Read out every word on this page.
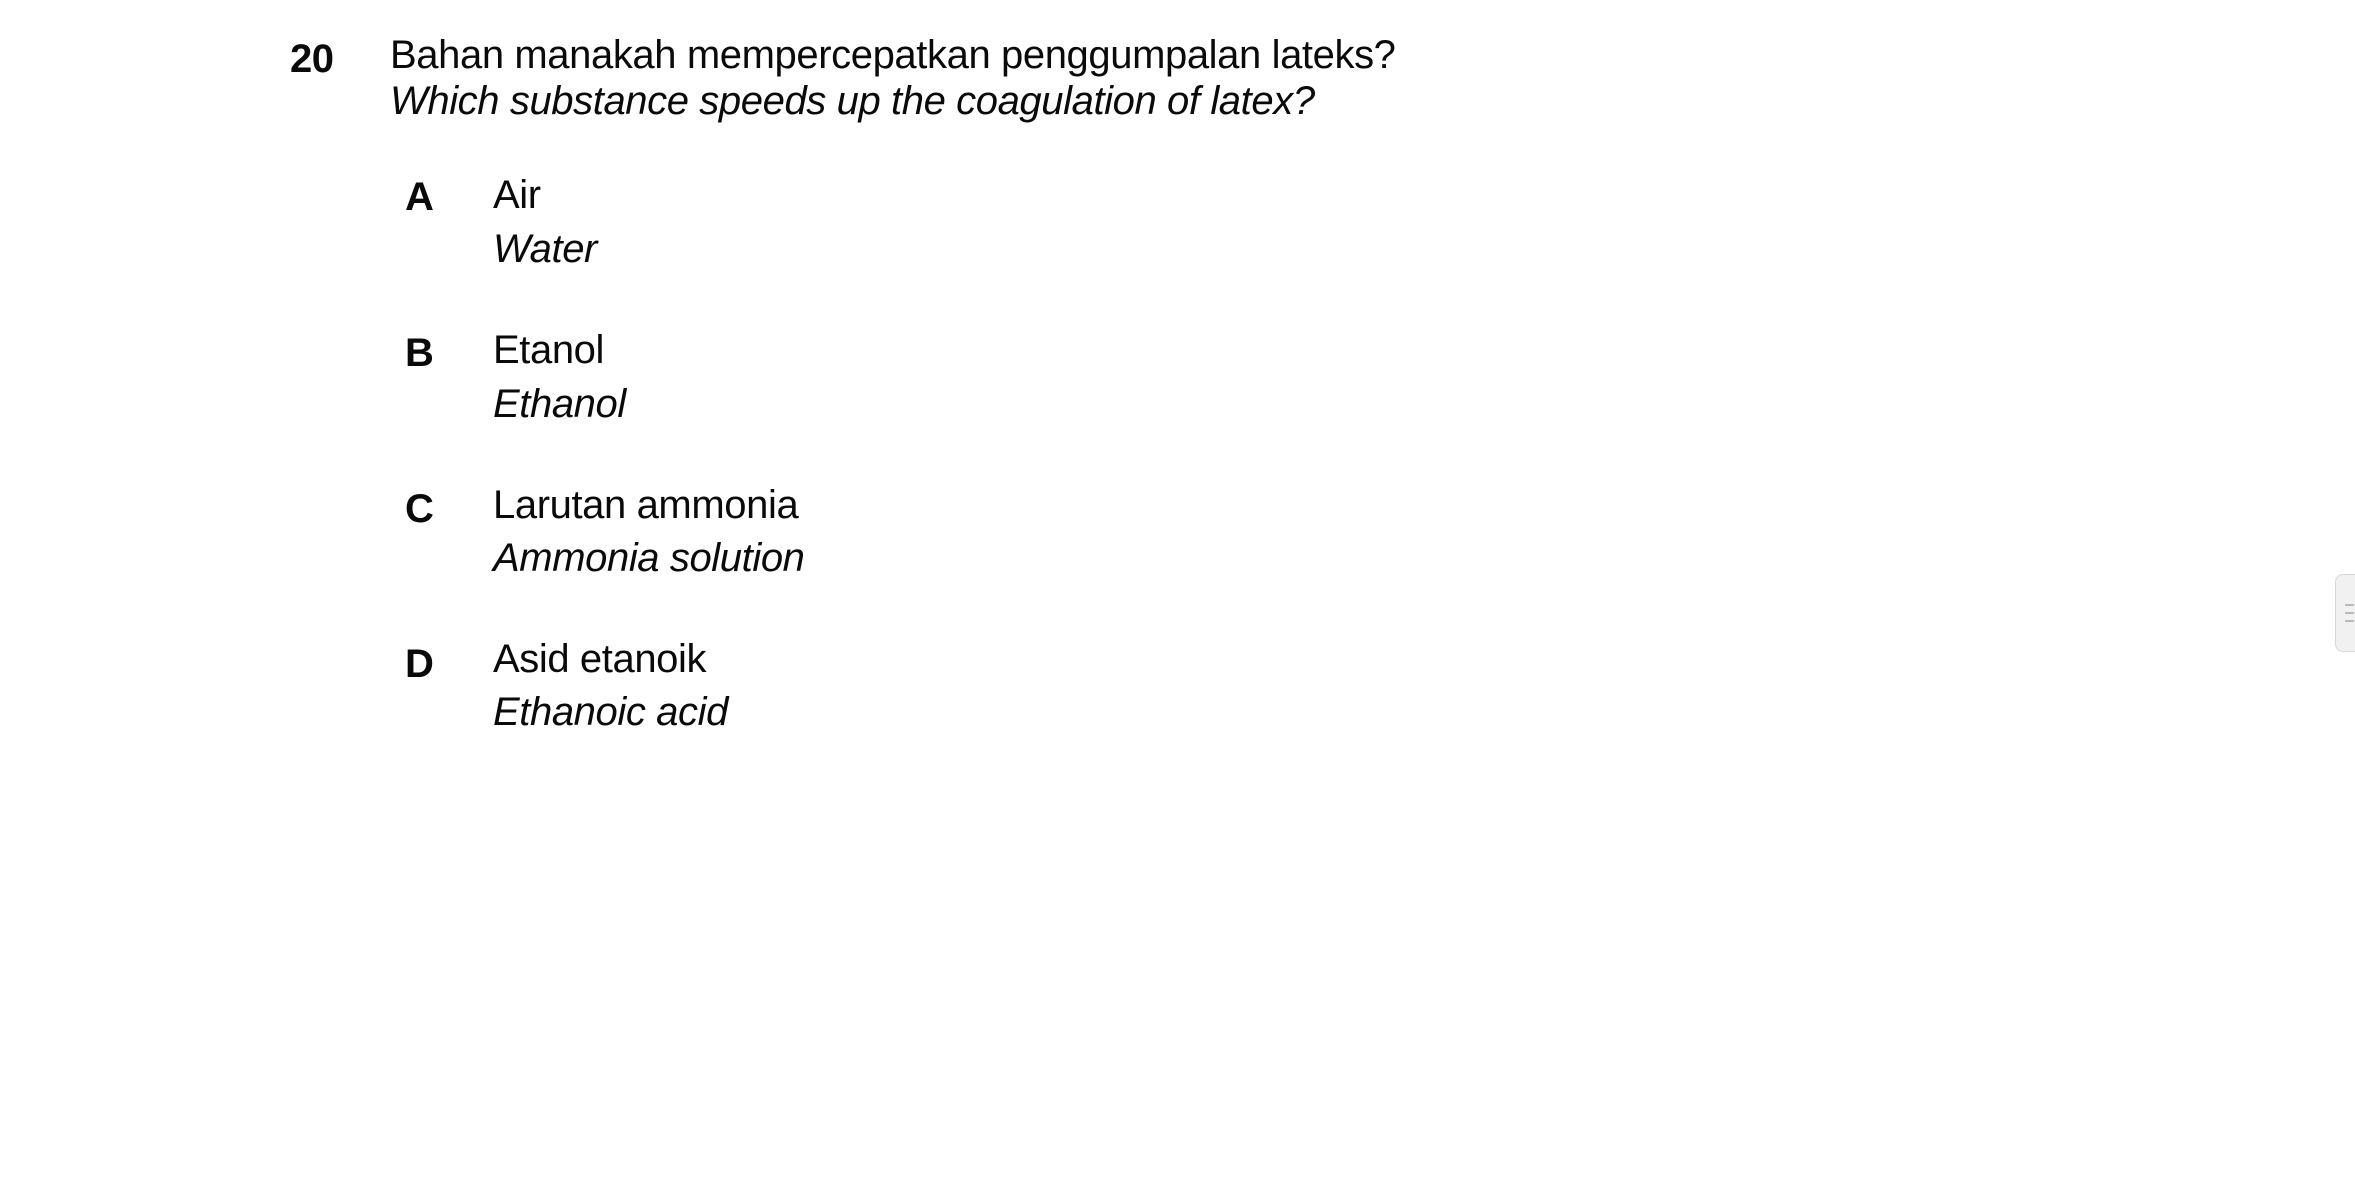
20 Bahan manakah mempercepatkan penggumpalan lateks?
Which substance speeds up the coagulation of latex?
A Air
Water
B Etanol
Ethanol
C Larutan ammonia
Ammonia solution
D Asid etanoik
Ethanoic acid
